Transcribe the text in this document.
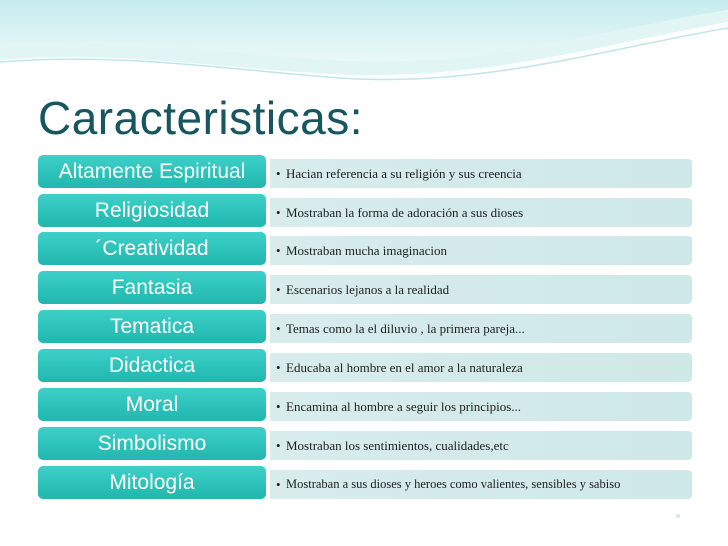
Caracteristicas:
Altamente Espiritual	• Hacian referencia a su religión y sus creencia
Religiosidad	• Mostraban la forma de adoración a sus dioses
´Creatividad	• Mostraban mucha imaginacion
Fantasia	• Escenarios lejanos a la realidad
Tematica	• Temas como la el diluvio , la primera pareja...
Didactica	• Educaba al hombre en el amor a la naturaleza
Moral	• Encamina al hombre a seguir los principios...
Simbolismo	• Mostraban los sentimientos, cualidades,etc
Mitología	• Mostraban a sus dioses y heroes como valientes, sensibles y sabiso
